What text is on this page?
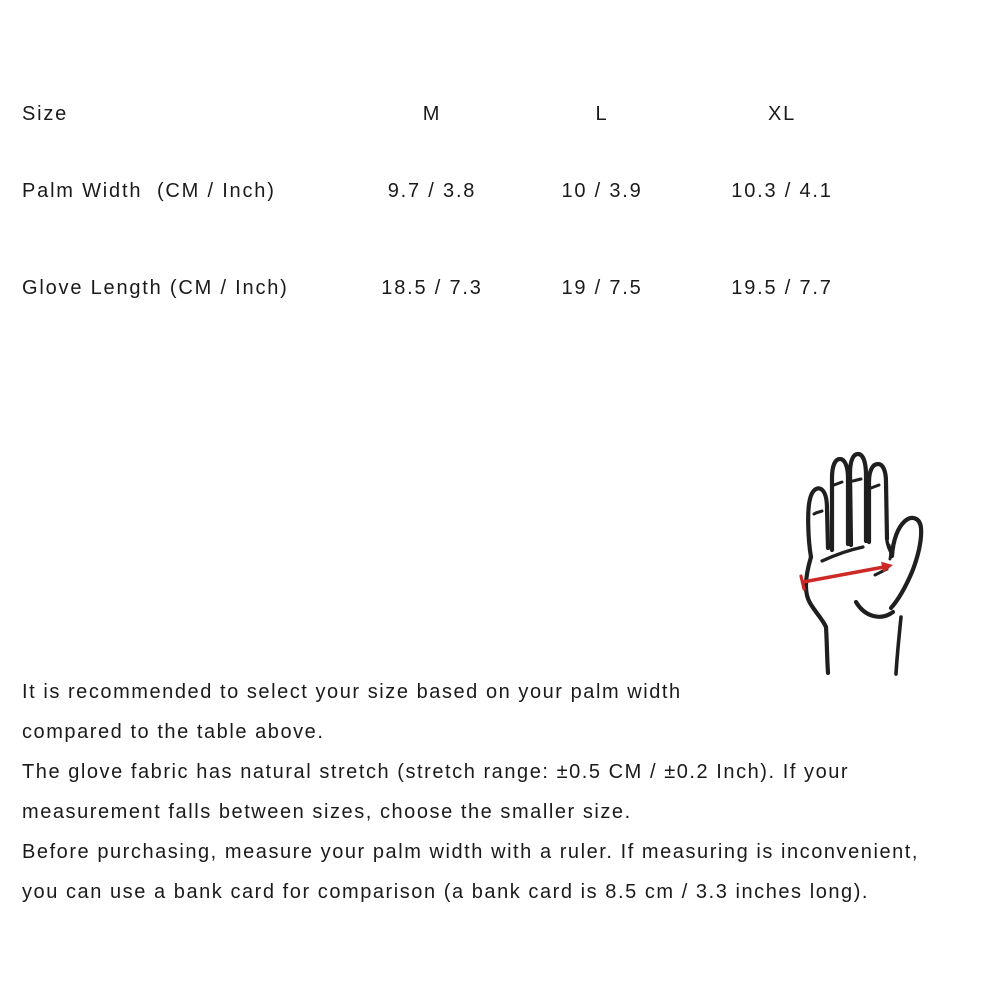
Size	M	L	XL
Palm Width  (CM / Inch)	9.7 / 3.8	10 / 3.9	10.3 / 4.1
Glove Length (CM / Inch)	18.5 / 7.3	19 / 7.5	19.5 / 7.7
It is recommended to select your size based on your palm width
compared to the table above.
The glove fabric has natural stretch (stretch range: ±0.5 CM / ±0.2 Inch). If your
measurement falls between sizes, choose the smaller size.
Before purchasing, measure your palm width with a ruler. If measuring is inconvenient,
you can use a bank card for comparison (a bank card is 8.5 cm / 3.3 inches long).
